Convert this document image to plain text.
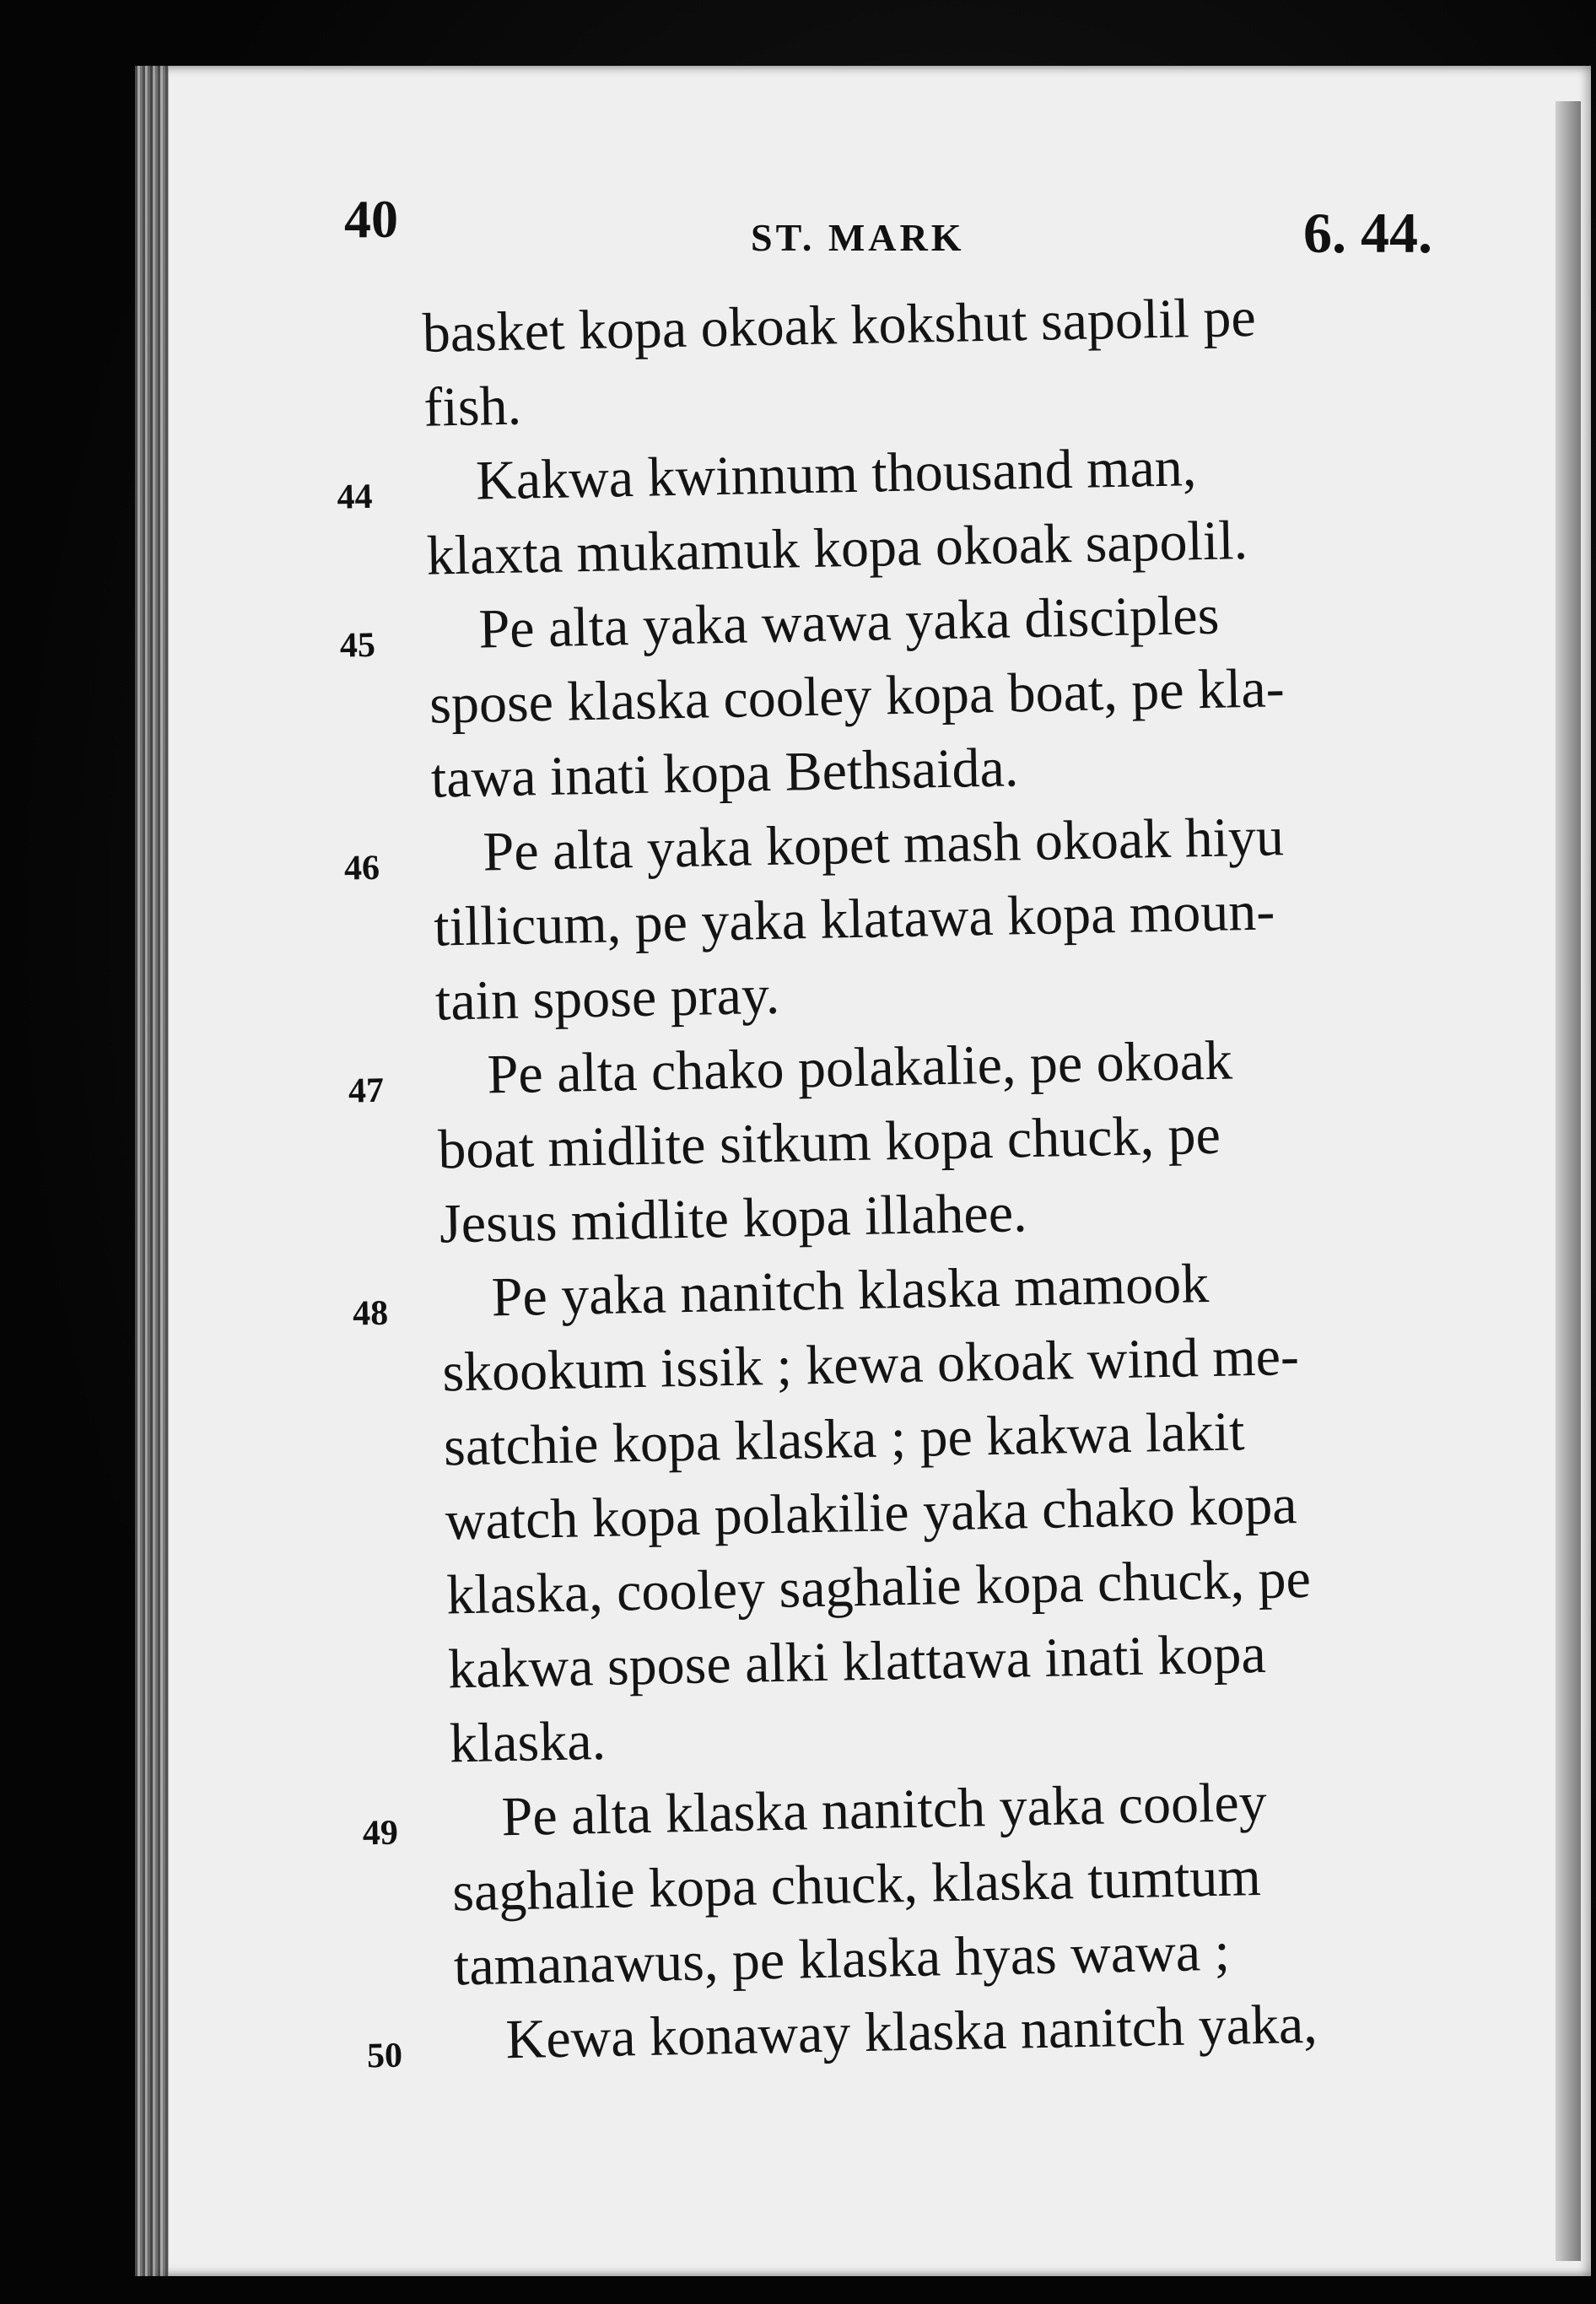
40	ST. MARK	6. 44.
basket kopa okoak kokshut sapolil pe
fish.
44 Kakwa kwinnum thousand man,
klaxta mukamuk kopa okoak sapolil.
45 Pe alta yaka wawa yaka disciples
spose klaska cooley kopa boat, pe kla-
tawa inati kopa Bethsaida.
46 Pe alta yaka kopet mash okoak hiyu
tillicum, pe yaka klatawa kopa moun-
tain spose pray.
47 Pe alta chako polakalie, pe okoak
boat midlite sitkum kopa chuck, pe
Jesus midlite kopa illahee.
48 Pe yaka nanitch klaska mamook
skookum issik ; kewa okoak wind me-
satchie kopa klaska ; pe kakwa lakit
watch kopa polakilie yaka chako kopa
klaska, cooley saghalie kopa chuck, pe
kakwa spose alki klattawa inati kopa
klaska.
49 Pe alta klaska nanitch yaka cooley
saghalie kopa chuck, klaska tumtum
tamanawus, pe klaska hyas wawa ;
50 Kewa konaway klaska nanitch yaka,
